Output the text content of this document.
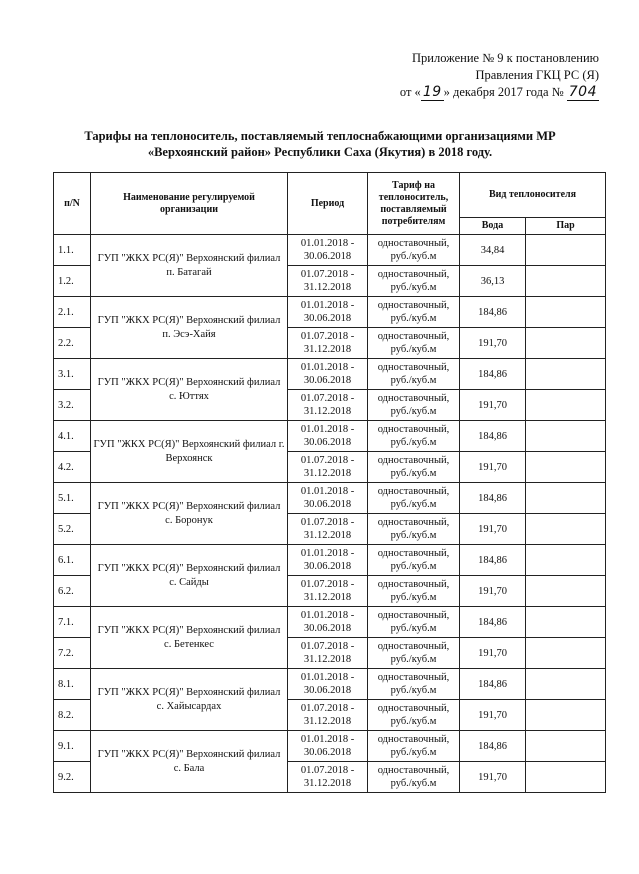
Приложение № 9 к постановлению
Правления ГКЦ РС (Я)
от « 19 » декабря 2017 года № 704
Тарифы на теплоноситель, поставляемый теплоснабжающими организациями МР
«Верхоянский район» Республики Саха (Якутия) в 2018 году.
п/N	Наименование регулируемой организации	Период	Тариф на теплоноситель, поставляемый потребителям	Вид теплоносителя	
				Вода	Пар
1.1.	ГУП "ЖКХ РС(Я)" Верхоянский филиал п. Батагай	01.01.2018 - 30.06.2018	одноставочный, руб./куб.м	34,84	
1.2.		01.07.2018 - 31.12.2018	одноставочный, руб./куб.м	36,13	
2.1.	ГУП "ЖКХ РС(Я)" Верхоянский филиал п. Эсэ-Хайя	01.01.2018 - 30.06.2018	одноставочный, руб./куб.м	184,86	
2.2.		01.07.2018 - 31.12.2018	одноставочный, руб./куб.м	191,70	
3.1.	ГУП "ЖКХ РС(Я)" Верхоянский филиал с. Юттях	01.01.2018 - 30.06.2018	одноставочный, руб./куб.м	184,86	
3.2.		01.07.2018 - 31.12.2018	одноставочный, руб./куб.м	191,70	
4.1.	ГУП "ЖКХ РС(Я)" Верхоянский филиал г. Верхоянск	01.01.2018 - 30.06.2018	одноставочный, руб./куб.м	184,86	
4.2.		01.07.2018 - 31.12.2018	одноставочный, руб./куб.м	191,70	
5.1.	ГУП "ЖКХ РС(Я)" Верхоянский филиал с. Боронук	01.01.2018 - 30.06.2018	одноставочный, руб./куб.м	184,86	
5.2.		01.07.2018 - 31.12.2018	одноставочный, руб./куб.м	191,70	
6.1.	ГУП "ЖКХ РС(Я)" Верхоянский филиал с. Сайды	01.01.2018 - 30.06.2018	одноставочный, руб./куб.м	184,86	
6.2.		01.07.2018 - 31.12.2018	одноставочный, руб./куб.м	191,70	
7.1.	ГУП "ЖКХ РС(Я)" Верхоянский филиал с. Бетенкес	01.01.2018 - 30.06.2018	одноставочный, руб./куб.м	184,86	
7.2.		01.07.2018 - 31.12.2018	одноставочный, руб./куб.м	191,70	
8.1.	ГУП "ЖКХ РС(Я)" Верхоянский филиал с. Хайысардах	01.01.2018 - 30.06.2018	одноставочный, руб./куб.м	184,86	
8.2.		01.07.2018 - 31.12.2018	одноставочный, руб./куб.м	191,70	
9.1.	ГУП "ЖКХ РС(Я)" Верхоянский филиал с. Бала	01.01.2018 - 30.06.2018	одноставочный, руб./куб.м	184,86	
9.2.		01.07.2018 - 31.12.2018	одноставочный, руб./куб.м	191,70	
